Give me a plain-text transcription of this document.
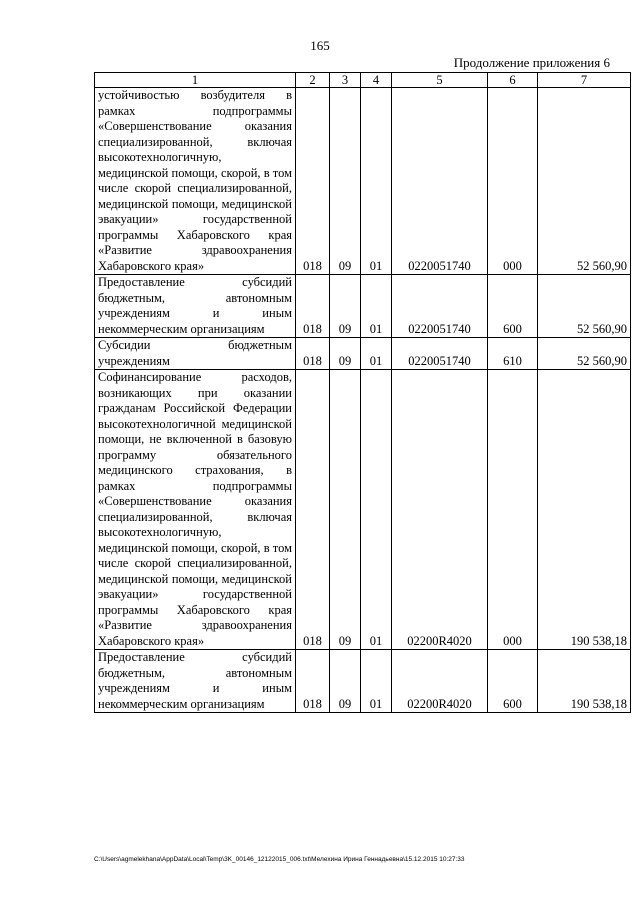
165
Продолжение приложения 6
1	2	3	4	5	6	7
устойчивостью возбудителя в рамках подпрограммы «Совершенствование оказания специализированной, включая высокотехнологичную, медицинской помощи, скорой, в том числе скорой специализированной, медицинской помощи, медицинской эвакуации» государственной программы Хабаровского края «Развитие здравоохранения Хабаровского края»	018	09	01	0220051740	000	52 560,90
Предоставление субсидий бюджетным, автономным учреждениям и иным некоммерческим организациям	018	09	01	0220051740	600	52 560,90
Субсидии бюджетным учреждениям	018	09	01	0220051740	610	52 560,90
Софинансирование расходов, возникающих при оказании гражданам Российской Федерации высокотехнологичной медицинской помощи, не включенной в базовую программу обязательного медицинского страхования, в рамках подпрограммы «Совершенствование оказания специализированной, включая высокотехнологичную, медицинской помощи, скорой, в том числе скорой специализированной, медицинской помощи, медицинской эвакуации» государственной программы Хабаровского края «Развитие здравоохранения Хабаровского края»	018	09	01	02200R4020	000	190 538,18
Предоставление субсидий бюджетным, автономным учреждениям и иным некоммерческим организациям	018	09	01	02200R4020	600	190 538,18
C:\Users\agmelekhana\AppData\Local\Temp\3K_00146_12122015_006.txt\Мелехина Ирина Геннадьевна\15.12.2015 10:27:33
